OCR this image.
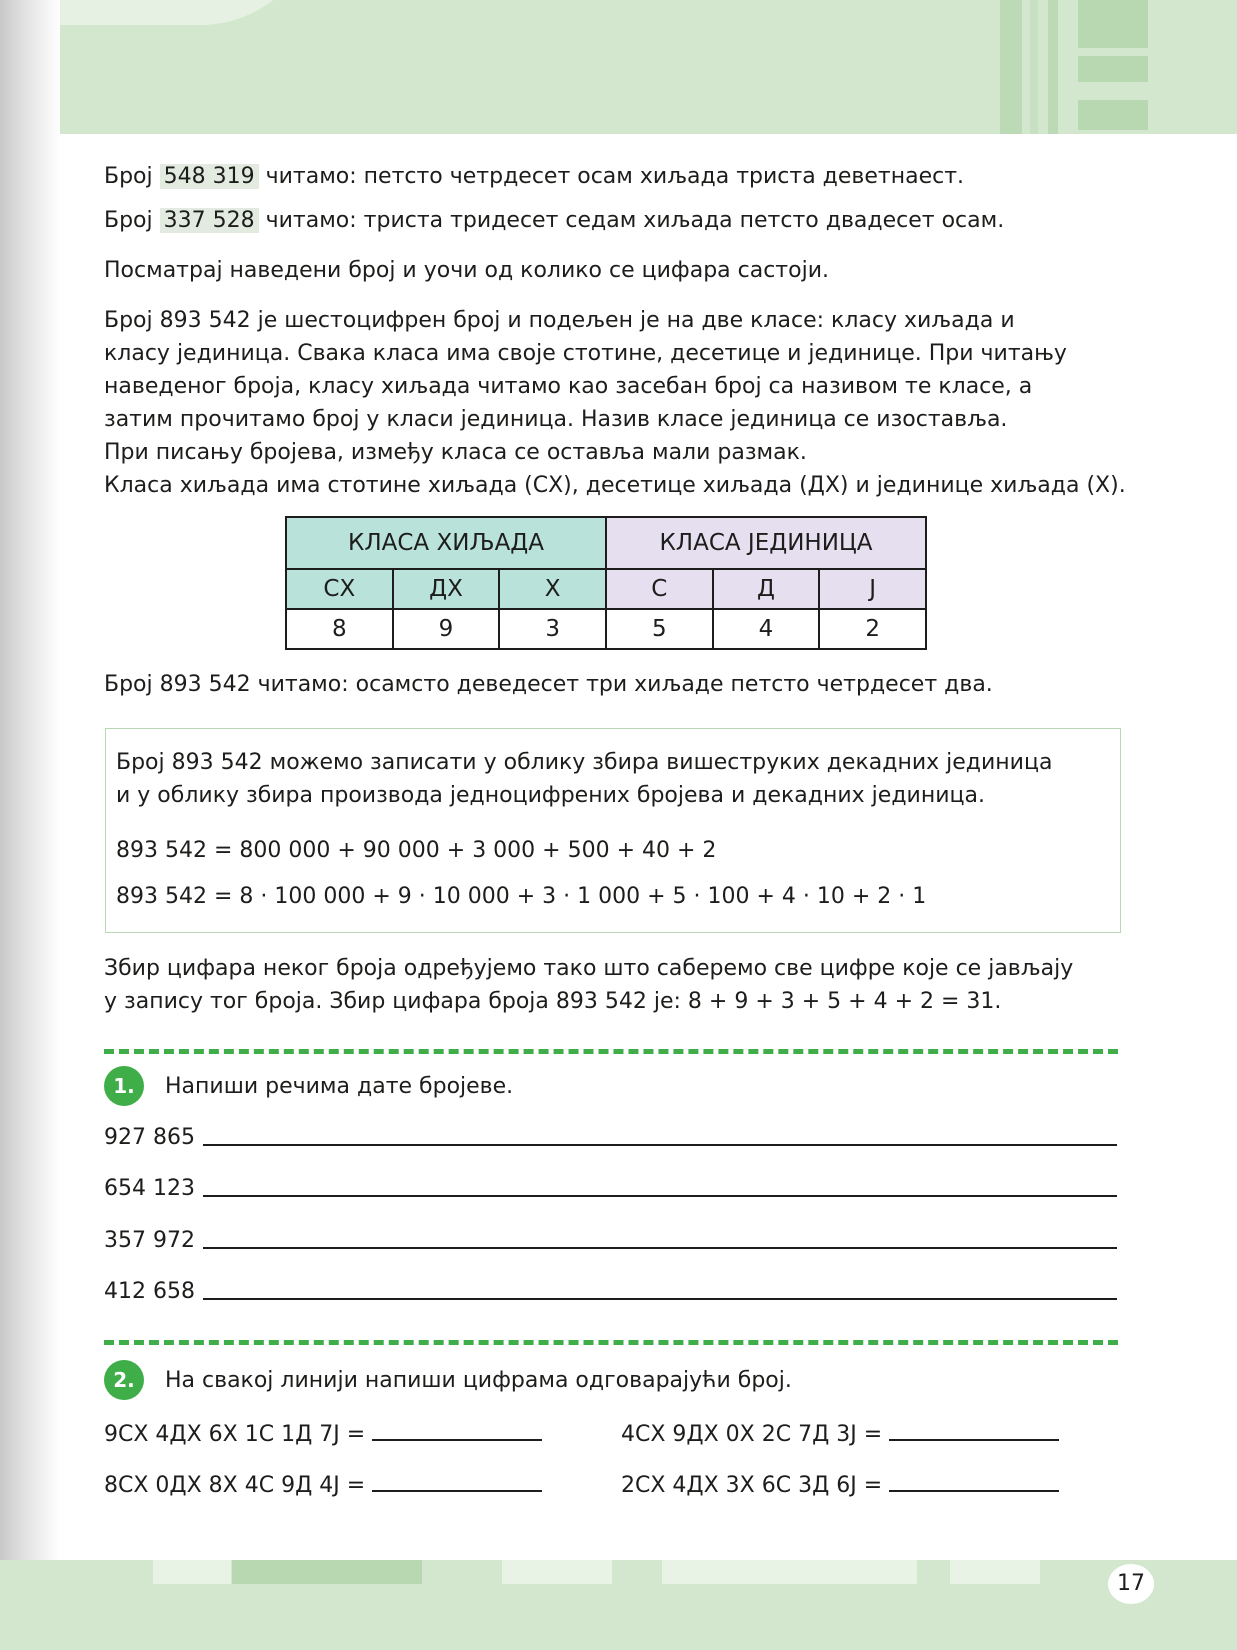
Број 548 319 читамо: петсто четрдесет осам хиљада триста деветнаест.
Број 337 528 читамо: триста тридесет седам хиљада петсто двадесет осам.
Посматрај наведени број и уочи од колико се цифара састоји.
Број 893 542 је шестоцифрен број и подељен је на две класе: класу хиљада и
класу јединица. Свака класа има своје стотине, десетице и јединице. При читању
наведеног броја, класу хиљада читамо као засебан број са називом те класе, а
затим прочитамо број у класи јединица. Назив класе јединица се изоставља.
При писању бројева, између класа се оставља мали размак.
Класа хиљада има стотине хиљада (СХ), десетице хиљада (ДХ) и јединице хиљада (Х).
КЛАСА ХИЉАДА			КЛАСА ЈЕДИНИЦА		
СХ	ДХ	Х	С	Д	Ј
8	9	3	5	4	2
Број 893 542 читамо: осамсто деведесет три хиљаде петсто четрдесет два.
Број 893 542 можемо записати у облику збира вишеструких декадних јединица
и у облику збира производа једноцифрених бројева и декадних јединица.
893 542 = 800 000 + 90 000 + 3 000 + 500 + 40 + 2
893 542 = 8 · 100 000 + 9 · 10 000 + 3 · 1 000 + 5 · 100 + 4 · 10 + 2 · 1
Збир цифара неког броја одређујемо тако што саберемо све цифре које се јављају
у запису тог броја. Збир цифара броја 893 542 је: 8 + 9 + 3 + 5 + 4 + 2 = 31.
1.	Напиши речима дате бројеве.
927 865
654 123
357 972
412 658
2.	На свакој линији напиши цифрама одговарајући број.
9СХ 4ДХ 6Х 1С 1Д 7Ј =	4СХ 9ДХ 0Х 2С 7Д 3Ј =
8СХ 0ДХ 8Х 4С 9Д 4Ј =	2СХ 4ДХ 3Х 6С 3Д 6Ј =
17
